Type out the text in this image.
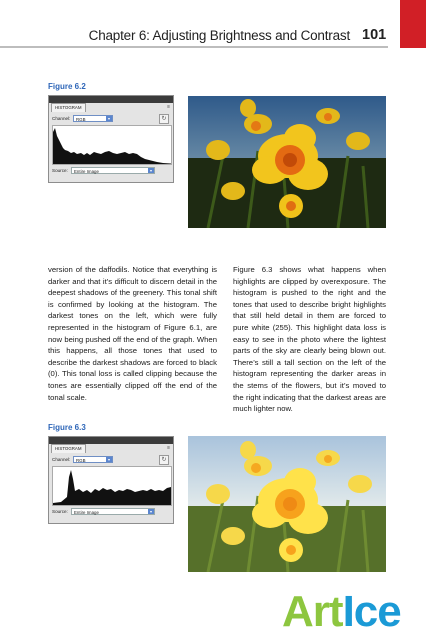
Chapter 6: Adjusting Brightness and Contrast 101
Figure 6.2
HISTOGRAM	≡
Channel:	RGB	▾	↻
Source:	Entire Image	▾
version of the daffodils. Notice that everything is darker and that it’s difficult to discern detail in the deepest shadows of the greenery. This tonal shift is confirmed by looking at the histogram. The darkest tones on the left, which were fully represented in the histogram of Figure 6.1, are now being pushed off the end of the graph. When this happens, all those tones that used to describe the darkest shadows are forced to black (0). This tonal loss is called clipping because the tones are essentially clipped off the end of the tonal scale.
Figure 6.3 shows what happens when highlights are clipped by overexposure. The histogram is pushed to the right and the tones that used to describe bright highlights that still held detail in them are forced to pure white (255). This highlight data loss is easy to see in the photo where the lightest parts of the sky are clearly being blown out. There’s still a tall section on the left of the histogram representing the darker areas in the stems of the flowers, but it’s moved to the right indicating that the darkest areas are much lighter now.
Figure 6.3
HISTOGRAM	≡
Channel:	RGB	▾	↻
Source:	Entire Image	▾
ArtIce
